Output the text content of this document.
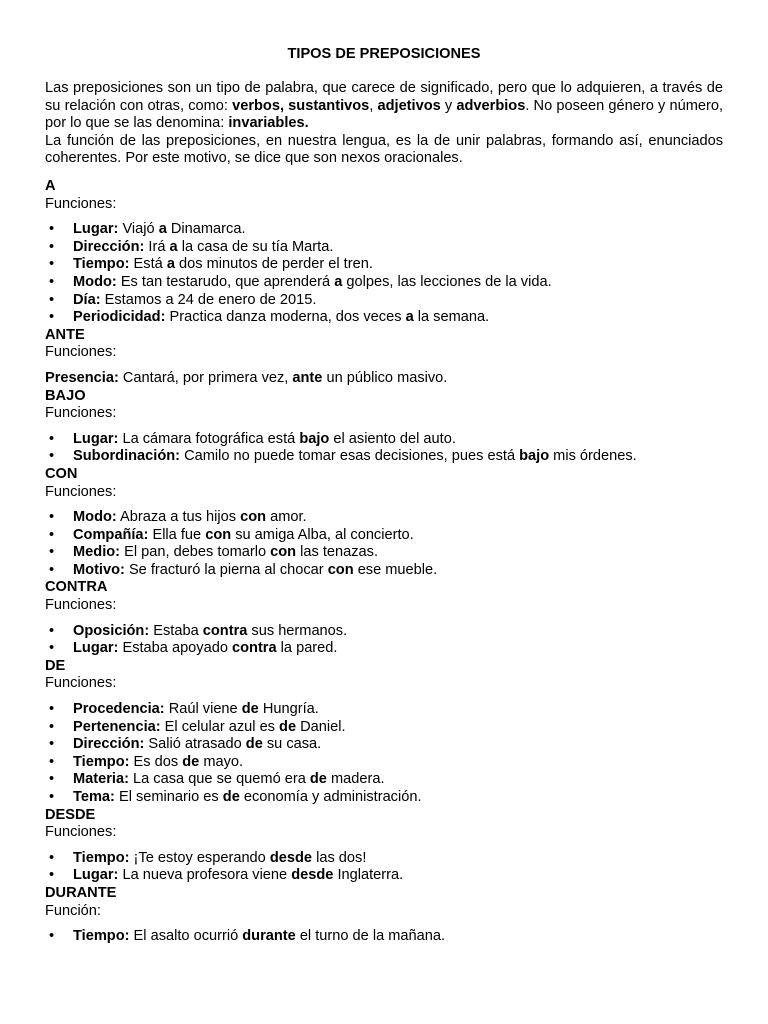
TIPOS DE PREPOSICIONES

Las preposiciones son un tipo de palabra, que carece de significado, pero que lo adquieren, a través de su relación con otras, como: verbos, sustantivos, adjetivos y adverbios. No poseen género y número, por lo que se las denomina: invariables.

La función de las preposiciones, en nuestra lengua, es la de unir palabras, formando así, enunciados coherentes. Por este motivo, se dice que son nexos oracionales.

A
Funciones:
• Lugar: Viajó a Dinamarca.
• Dirección: Irá a la casa de su tía Marta.
• Tiempo: Está a dos minutos de perder el tren.
• Modo: Es tan testarudo, que aprenderá a golpes, las lecciones de la vida.
• Día: Estamos a 24 de enero de 2015.
• Periodicidad: Practica danza moderna, dos veces a la semana.
ANTE
Funciones:
Presencia: Cantará, por primera vez, ante un público masivo.
BAJO
Funciones:
• Lugar: La cámara fotográfica está bajo el asiento del auto.
• Subordinación: Camilo no puede tomar esas decisiones, pues está bajo mis órdenes.
CON
Funciones:
• Modo: Abraza a tus hijos con amor.
• Compañía: Ella fue con su amiga Alba, al concierto.
• Medio: El pan, debes tomarlo con las tenazas.
• Motivo: Se fracturó la pierna al chocar con ese mueble.
CONTRA
Funciones:
• Oposición: Estaba contra sus hermanos.
• Lugar: Estaba apoyado contra la pared.
DE
Funciones:
• Procedencia: Raúl viene de Hungría.
• Pertenencia: El celular azul es de Daniel.
• Dirección: Salió atrasado de su casa.
• Tiempo: Es dos de mayo.
• Materia: La casa que se quemó era de madera.
• Tema: El seminario es de economía y administración.
DESDE
Funciones:
• Tiempo: ¡Te estoy esperando desde las dos!
• Lugar: La nueva profesora viene desde Inglaterra.
DURANTE
Función:
• Tiempo: El asalto ocurrió durante el turno de la mañana.
